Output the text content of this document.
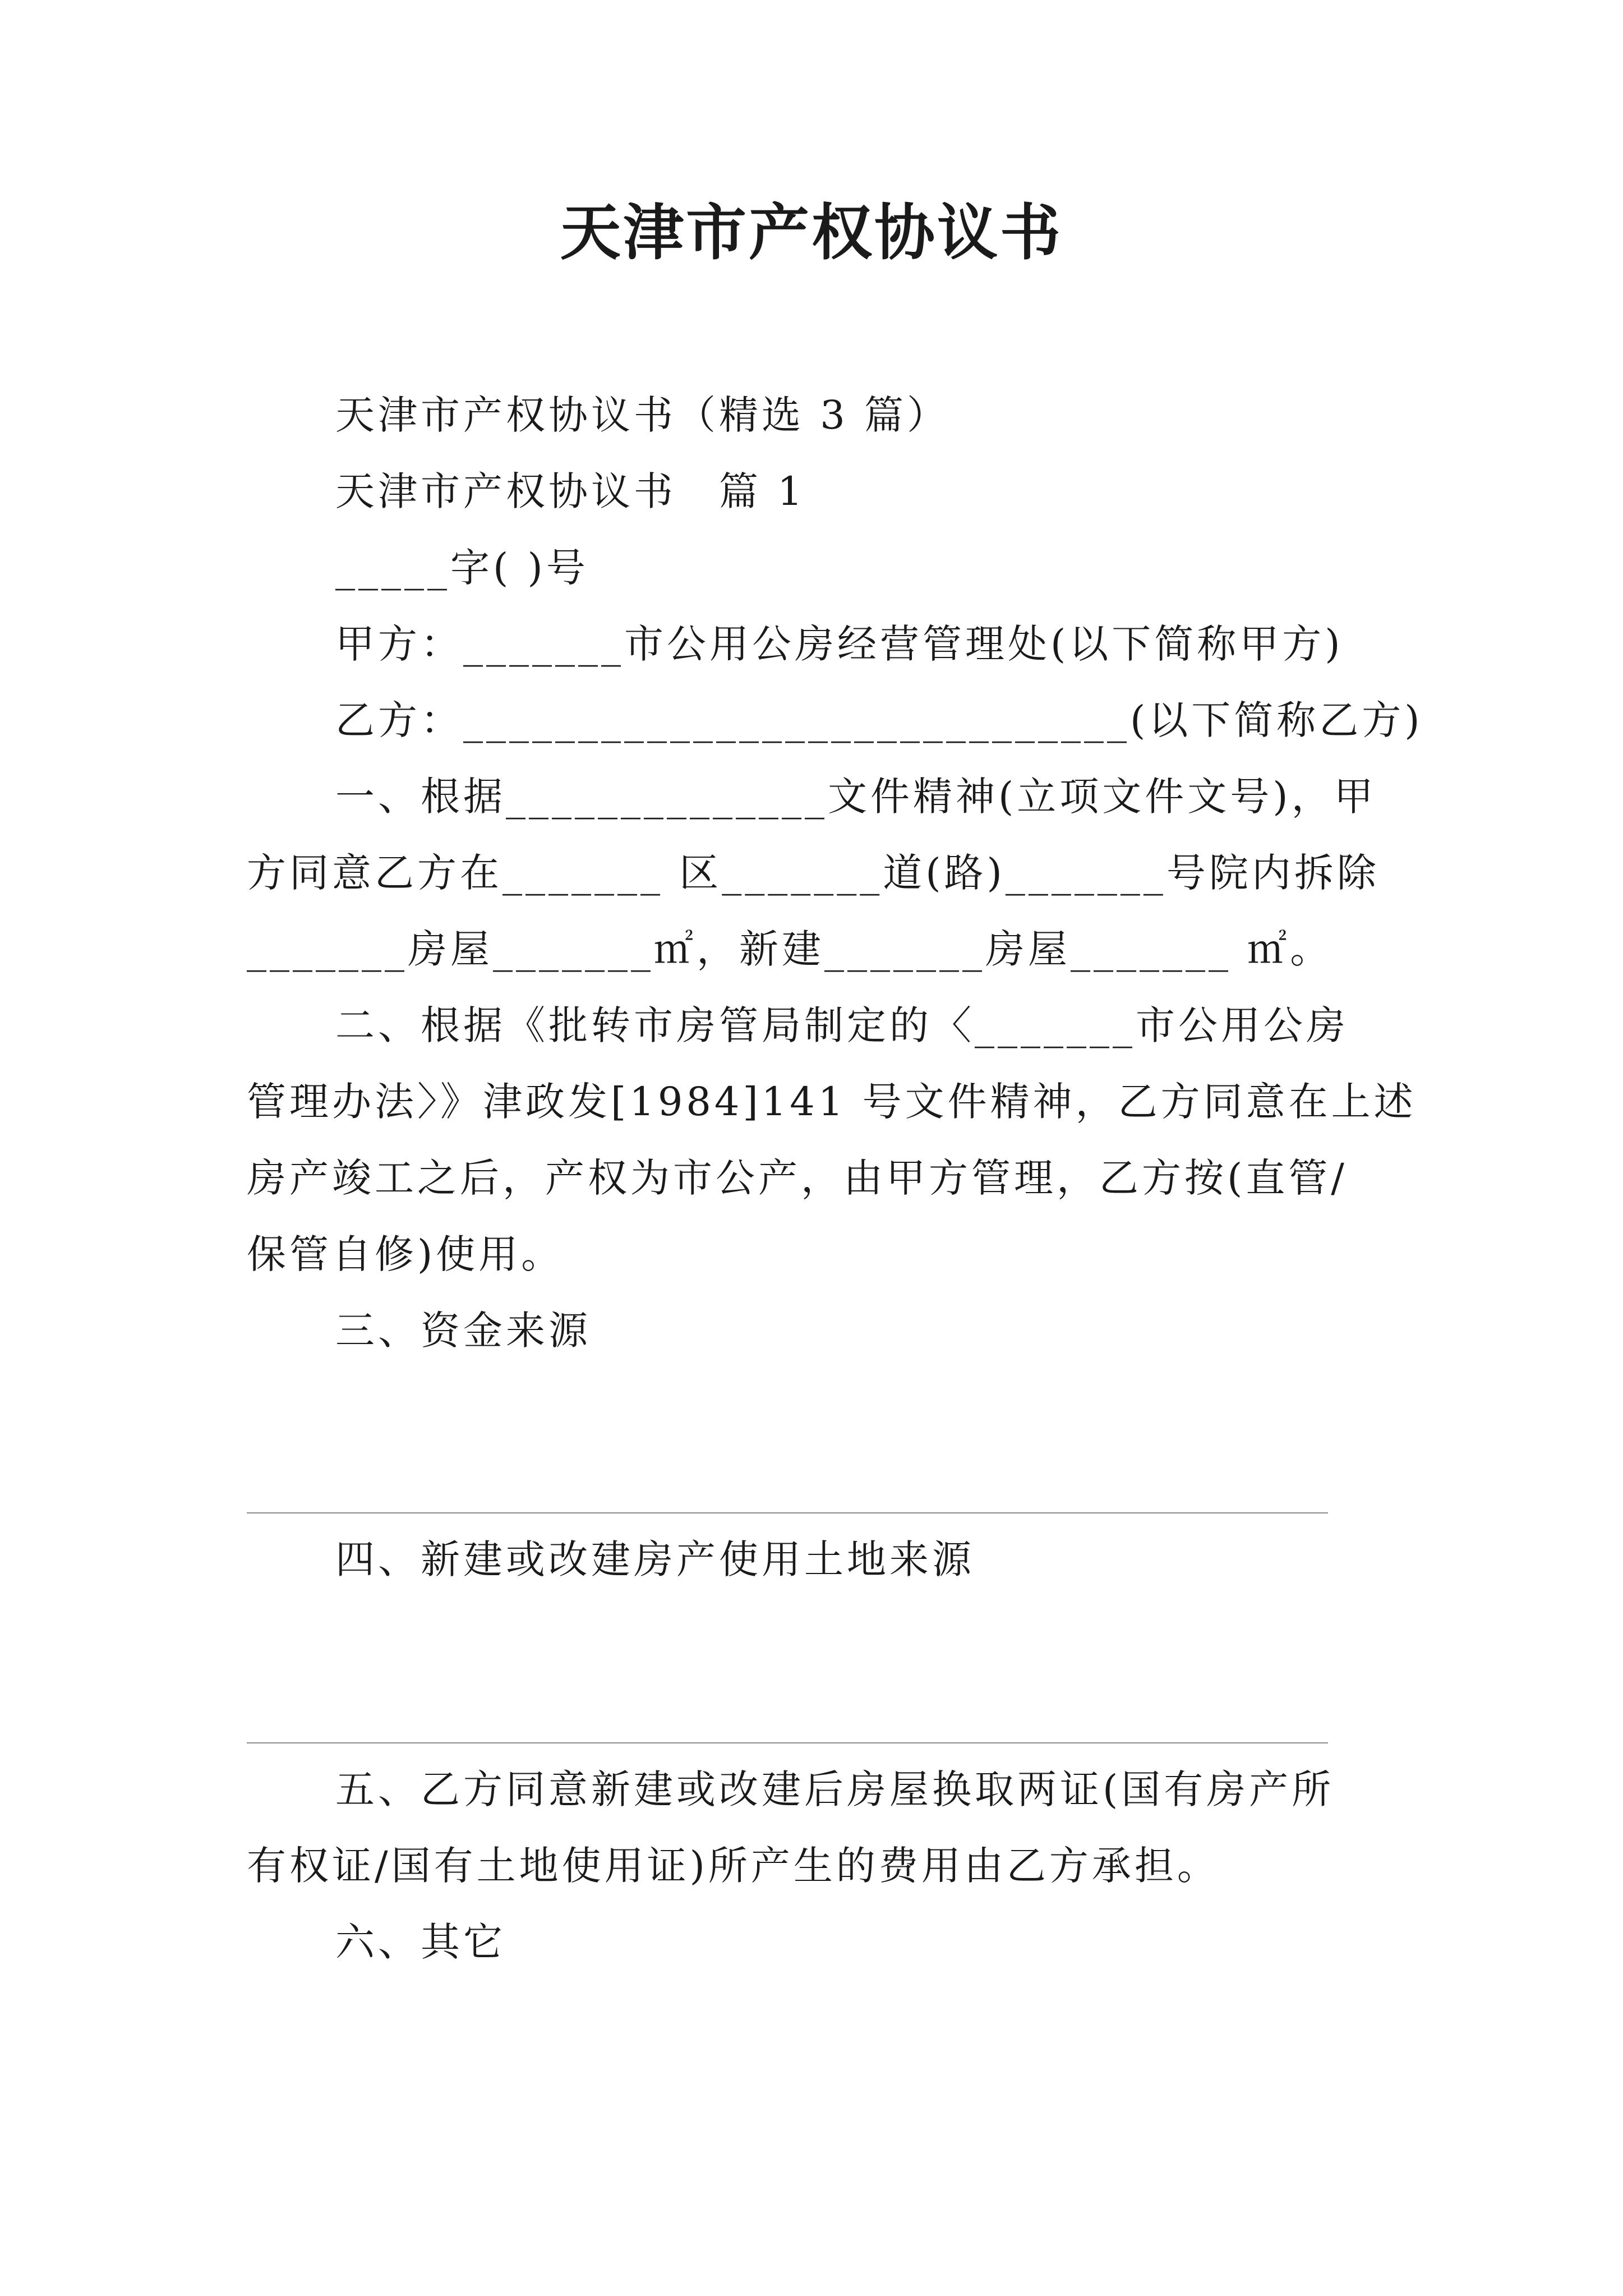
天津市产权协议书
天津市产权协议书（精选 3 篇）
天津市产权协议书　篇 1
_____字( )号
甲方：_______市公用公房经营管理处(以下简称甲方)
乙方：_____________________________(以下简称乙方)
一、根据______________文件精神(立项文件文号)，甲
方同意乙方在_______ 区_______道(路)_______号院内拆除
_______房屋_______㎡，新建_______房屋_______ ㎡。
二、根据《批转市房管局制定的〈_______市公用公房
管理办法〉》津政发[1984]141 号文件精神，乙方同意在上述
房产竣工之后，产权为市公产，由甲方管理，乙方按(直管/
保管自修)使用。
三、资金来源
四、新建或改建房产使用土地来源
五、乙方同意新建或改建后房屋换取两证(国有房产所
有权证/国有土地使用证)所产生的费用由乙方承担。
六、其它
